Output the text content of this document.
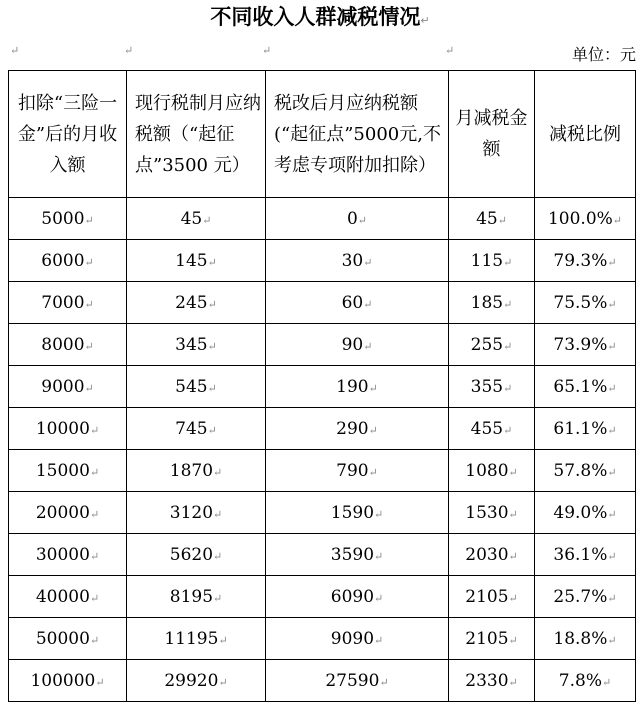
不同收入人群减税情况↵
↵	↵	↵	↵	单位：元
扣除“三险一金”后的月收入额	现行税制月应纳税额（“起征点”3500 元）	税改后月应纳税额(“起征点”5000元,不考虑专项附加扣除）	月减税金额	减税比例
5000↵	45↵	0↵	45↵	100.0%↵
6000↵	145↵	30↵	115↵	79.3%↵
7000↵	245↵	60↵	185↵	75.5%↵
8000↵	345↵	90↵	255↵	73.9%↵
9000↵	545↵	190↵	355↵	65.1%↵
10000↵	745↵	290↵	455↵	61.1%↵
15000↵	1870↵	790↵	1080↵	57.8%↵
20000↵	3120↵	1590↵	1530↵	49.0%↵
30000↵	5620↵	3590↵	2030↵	36.1%↵
40000↵	8195↵	6090↵	2105↵	25.7%↵
50000↵	11195↵	9090↵	2105↵	18.8%↵
100000↵	29920↵	27590↵	2330↵	7.8%↵
